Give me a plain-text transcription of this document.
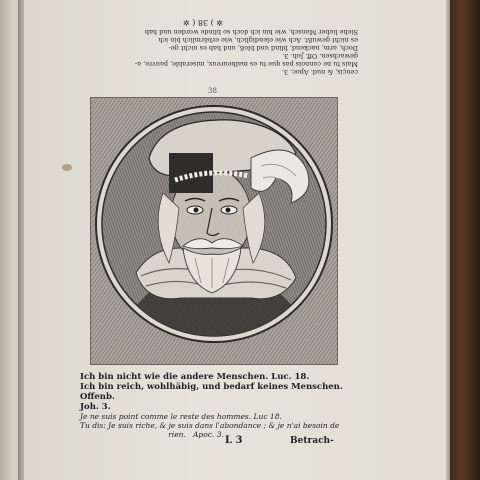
cençis, & nud. Apoc. 3.
Mais tu ne connois pas que tu es malheureux, miserable, pauvre, a-
gewachsen. Off. Joh. 3.
Doch, arm, nackend, blind und bloß, und hab es nicht ge-
es nicht gewußt. Ach wie elendiglich, wie erbärmlich bin ich
Siehe lieber Mensch, wie bin ich doch so blinde worden und hab
✲ ) 38 ( ✲
38
Ich bin nicht wie die andere Menschen. Luc. 18.
Ich bin reich, wohlhäbig, und bedarf keines Menschen. Offenb.
Joh. 3.
Je ne suis point comme le reste des hommes. Luc 18.
Tu dis: Je suis riche, & je suis dans l'abondance ; & je n'ai besoin de
rien.   Apoc. 3.
L 3	Betrach-
